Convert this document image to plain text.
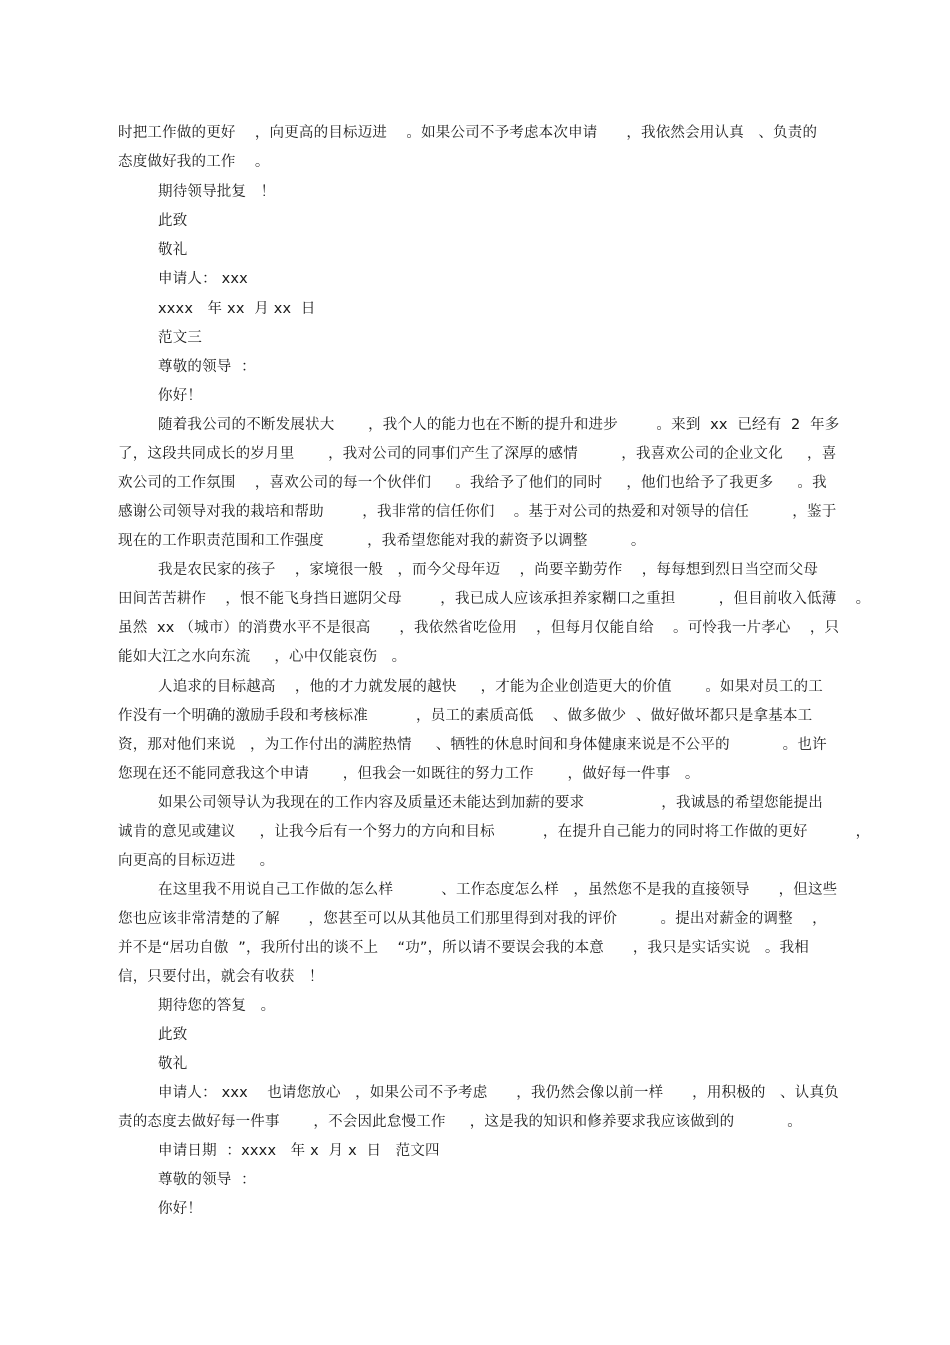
时把工作做的更好    ，向更高的目标迈进    。如果公司不予考虑本次申请      ，我依然会用认真   、负责的
态度做好我的工作    。
期待领导批复   ！
此致
敬礼
申请人： xxx
xxxx   年 xx  月 xx  日
范文三
尊敬的领导  ：
你好！
随着我公司的不断发展状大       ，我个人的能力也在不断的提升和进步        。来到  xx  已经有  2  年多
了，这段共同成长的岁月里       ，我对公司的同事们产生了深厚的感情         ，我喜欢公司的企业文化     ，喜
欢公司的工作氛围    ，喜欢公司的每一个伙伴们     。我给予了他们的同时     ，他们也给予了我更多     。我
感谢公司领导对我的栽培和帮助        ，我非常的信任你们    。基于对公司的热爱和对领导的信任         ，鉴于
现在的工作职责范围和工作强度         ，我希望您能对我的薪资予以调整         。
我是农民家的孩子    ，家境很一般   ，而今父母年迈    ，尚要辛勤劳作    ，每每想到烈日当空而父母
田间苦苦耕作    ，恨不能飞身挡日遮阴父母        ，我已成人应该承担养家糊口之重担         ，但目前收入低薄    。
虽然  xx （城市）的消费水平不是很高      ，我依然省吃俭用    ，但每月仅能自给    。可怜我一片孝心    ，只
能如大江之水向东流     ，心中仅能哀伤   。
人追求的目标越高    ，他的才力就发展的越快     ，才能为企业创造更大的价值       。如果对员工的工
作没有一个明确的激励手段和考核标准          ，员工的素质高低    、做多做少  、做好做坏都只是拿基本工
资，那对他们来说   ，为工作付出的满腔热情     、牺牲的休息时间和身体健康来说是不公平的           。也许
您现在还不能同意我这个申请       ，但我会一如既往的努力工作       ，做好每一件事   。
如果公司领导认为我现在的工作内容及质量还未能达到加薪的要求                ，我诚恳的希望您能提出
诚肯的意见或建议     ，让我今后有一个努力的方向和目标          ，在提升自己能力的同时将工作做的更好          ，
向更高的目标迈进     。
在这里我不用说自己工作做的怎么样          、工作态度怎么样   ，虽然您不是我的直接领导      ，但这些
您也应该非常清楚的了解      ，您甚至可以从其他员工们那里得到对我的评价         。提出对薪金的调整    ，
并不是“居功自傲  ”，我所付出的谈不上    “功”，所以请不要误会我的本意      ，我只是实话实说   。我相
信，只要付出，就会有收获   ！
期待您的答复   。
此致
敬礼
申请人： xxx    也请您放心   ，如果公司不予考虑      ，我仍然会像以前一样      ，用积极的   、认真负
责的态度去做好每一件事       ，不会因此怠慢工作     ，这是我的知识和修养要求我应该做到的           。
申请日期  ：xxxx   年 x  月 x  日   范文四
尊敬的领导  ：
你好！
